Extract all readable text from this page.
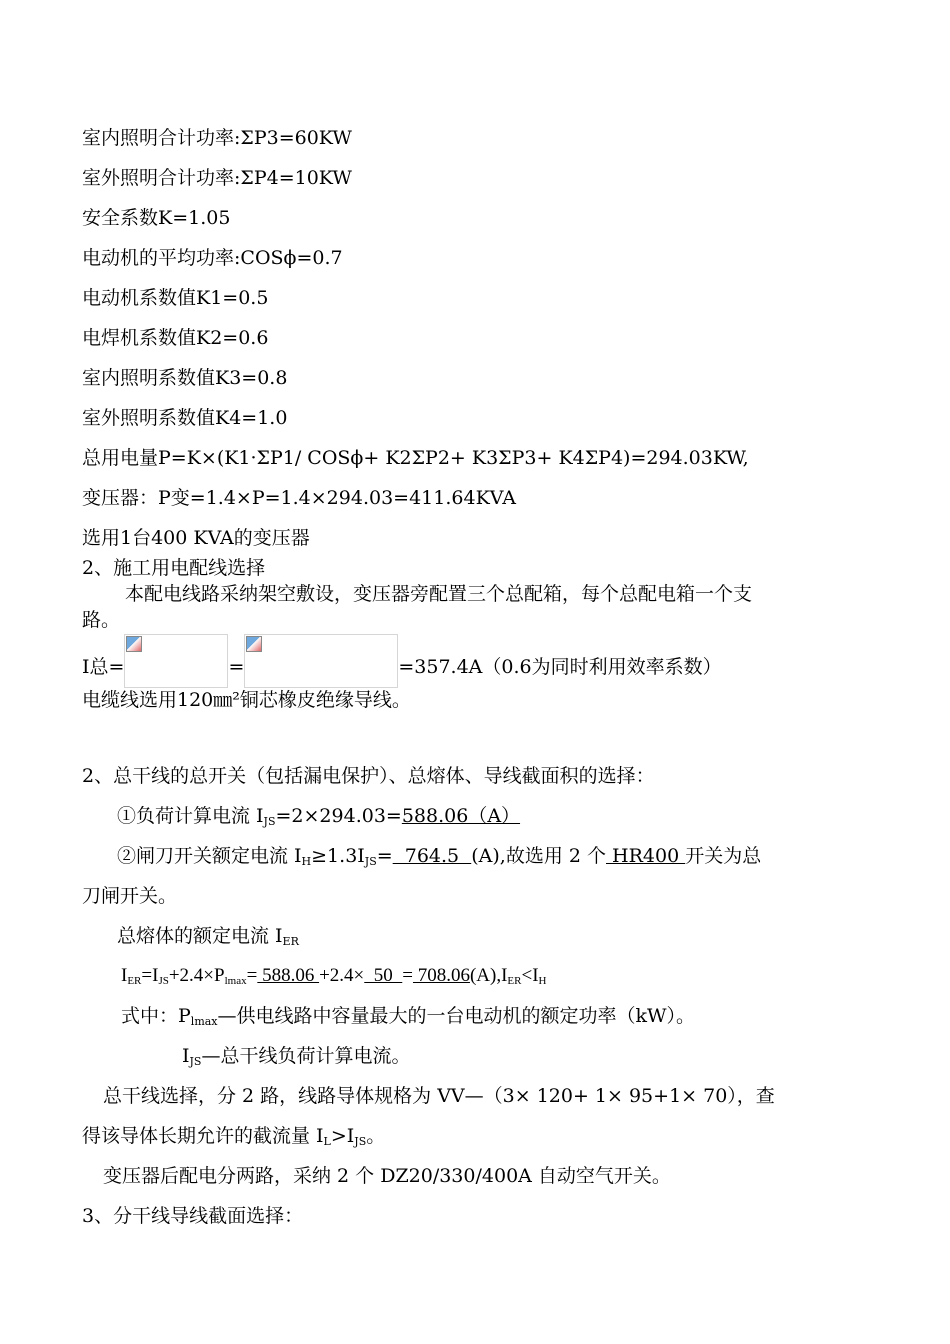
室内照明合计功率:ΣP3=60KW
室外照明合计功率:ΣP4=10KW
安全系数K=1.05
电动机的平均功率:COSϕ=0.7
电动机系数值K1=0.5
电焊机系数值K2=0.6
室内照明系数值K3=0.8
室外照明系数值K4=1.0
总用电量P=K×(K1·ΣP1/ COSϕ+ K2ΣP2+ K3ΣP3+ K4ΣP4)=294.03KW,
变压器：P变=1.4×P=1.4×294.03=411.64KVA
选用1台400 KVA的变压器
2、施工用电配线选择
本配电线路采纳架空敷设，变压器旁配置三个总配箱，每个总配电箱一个支
路。
I总=	=	=357.4A（0.6为同时利用效率系数）
电缆线选用120㎜²铜芯橡皮绝缘导线。
2、总干线的总开关（包括漏电保护）、总熔体、导线截面积的选择：
①负荷计算电流 $I_{JS}=2\times 294.03=588.06(A)$
②闸刀开关额定电流 $I_H\ge 1.3I_{JS}= 764.5$  (A),故选用 2 个 HR400 开关为总
刀闸开关。
总熔体的额定电流 $I_{ER}$
$I_{ER}=I_{JS}+2.4\times P_{lmax}= 588.06 +2.4\times 50 = 708.06(A),I_{ER}<I_H$
式中：$P_{lmax}—$供电线路中容量最大的一台电动机的额定功率（kW）。
$I_{JS}—$总干线负荷计算电流。
总干线选择，分 2 路，线路导体规格为 VV—（3× 120+ 1× 95+1× 70），查
得该导体长期允许的截流量 $I_L>I_{JS}$。
变压器后配电分两路，采纳 2 个 DZ20/330/400A 自动空气开关。
3、分干线导线截面选择：
